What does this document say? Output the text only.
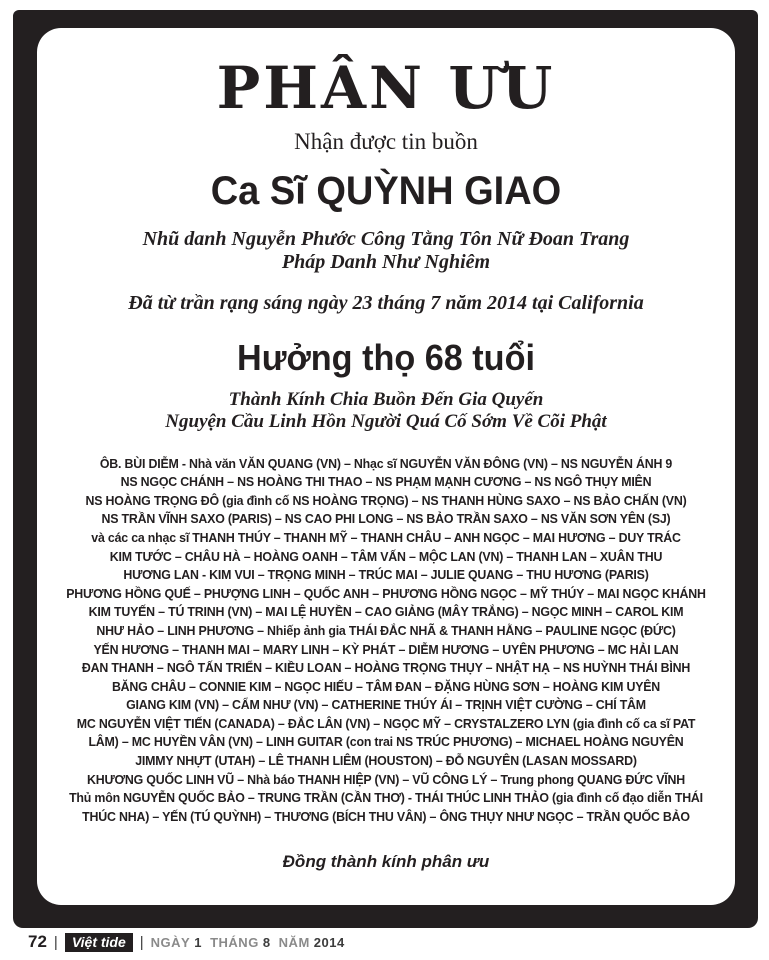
PHÂN ƯU
Nhận được tin buồn
Ca Sĩ QUỲNH GIAO
Nhũ danh Nguyễn Phước Công Tằng Tôn Nữ Đoan Trang
Pháp Danh Như Nghiêm
Đã từ trần rạng sáng ngày 23 tháng 7 năm 2014 tại California
Hưởng thọ 68 tuổi
Thành Kính Chia Buồn Đến Gia Quyến
Nguyện Cầu Linh Hồn Người Quá Cố Sớm Về Cõi Phật
ÔB. BÙI DIỄM - Nhà văn VĂN QUANG (VN) – Nhạc sĩ NGUYỄN VĂN ĐÔNG (VN) – NS NGUYỄN ÁNH 9
NS NGỌC CHÁNH – NS HOÀNG THI THAO – NS PHẠM MẠNH CƯƠNG – NS NGÔ THỤY MIÊN
NS HOÀNG TRỌNG ĐÔ (gia đình cố NS HOÀNG TRỌNG) – NS THANH HÙNG SAXO – NS BẢO CHẤN (VN)
NS TRẦN VĨNH SAXO (PARIS) – NS CAO PHI LONG – NS BẢO TRẦN SAXO – NS VĂN SƠN YÊN (SJ)
và các ca nhạc sĩ THANH THÚY – THANH MỸ – THANH CHÂU – ANH NGỌC – MAI HƯƠNG – DUY TRÁC
KIM TƯỚC – CHÂU HÀ – HOÀNG OANH – TÂM VẤN – MỘC LAN (VN) – THANH LAN – XUÂN THU
HƯƠNG LAN - KIM VUI – TRỌNG MINH – TRÚC MAI – JULIE QUANG – THU HƯƠNG (PARIS)
PHƯƠNG HỒNG QUẾ – PHƯỢNG LINH – QUỐC ANH – PHƯƠNG HỒNG NGỌC – MỸ THÚY – MAI NGỌC KHÁNH
KIM TUYẾN – TÚ TRINH (VN) – MAI LỆ HUYỀN – CAO GIẢNG (MÂY TRẮNG) – NGỌC MINH – CAROL KIM
NHƯ HẢO – LINH PHƯƠNG – Nhiếp ảnh gia THÁI ĐẮC NHÃ & THANH HẰNG – PAULINE NGỌC (ĐỨC)
YẾN HƯƠNG – THANH MAI – MARY LINH – KỲ PHÁT – DIỄM HƯƠNG – UYÊN PHƯƠNG – MC HẢI LAN
ĐAN THANH – NGÔ TẤN TRIỂN – KIỀU LOAN – HOÀNG TRỌNG THỤY – NHẬT HẠ – NS HUỲNH THÁI BÌNH
BĂNG CHÂU – CONNIE KIM – NGỌC HIẾU – TÂM ĐAN – ĐẶNG HÙNG SƠN – HOÀNG KIM UYÊN
GIANG KIM (VN) – CẨM NHƯ (VN) – CATHERINE THÚY ÁI – TRỊNH VIỆT CƯỜNG – CHÍ TÂM
MC NGUYỄN VIỆT TIẾN (CANADA) – ĐẮC LÂN (VN) – NGỌC MỸ – CRYSTALZERO LYN (gia đình cố ca sĩ PAT
LÂM) – MC HUYỀN VÂN (VN) – LINH GUITAR (con trai NS TRÚC PHƯƠNG) – MICHAEL HOÀNG NGUYÊN
JIMMY NHỰT (UTAH) – LÊ THANH LIÊM (HOUSTON) – ĐỖ NGUYÊN (LASAN MOSSARD)
KHƯƠNG QUỐC LINH VŨ – Nhà báo THANH HIỆP (VN) – VŨ CÔNG LÝ – Trung phong QUANG ĐỨC VĨNH
Thủ môn NGUYỄN QUỐC BẢO – TRUNG TRẦN (CẦN THƠ) - THÁI THÚC LINH THẢO (gia đình cố đạo diễn THÁI
THÚC NHA) – YẾN (TÚ QUỲNH) – THƯƠNG (BÍCH THU VÂN) – ÔNG THỤY NHƯ NGỌC – TRẦN QUỐC BẢO
Đồng thành kính phân ưu
72 |	Việt tide | NGÀY 1 THÁNG 8 NĂM 2014
